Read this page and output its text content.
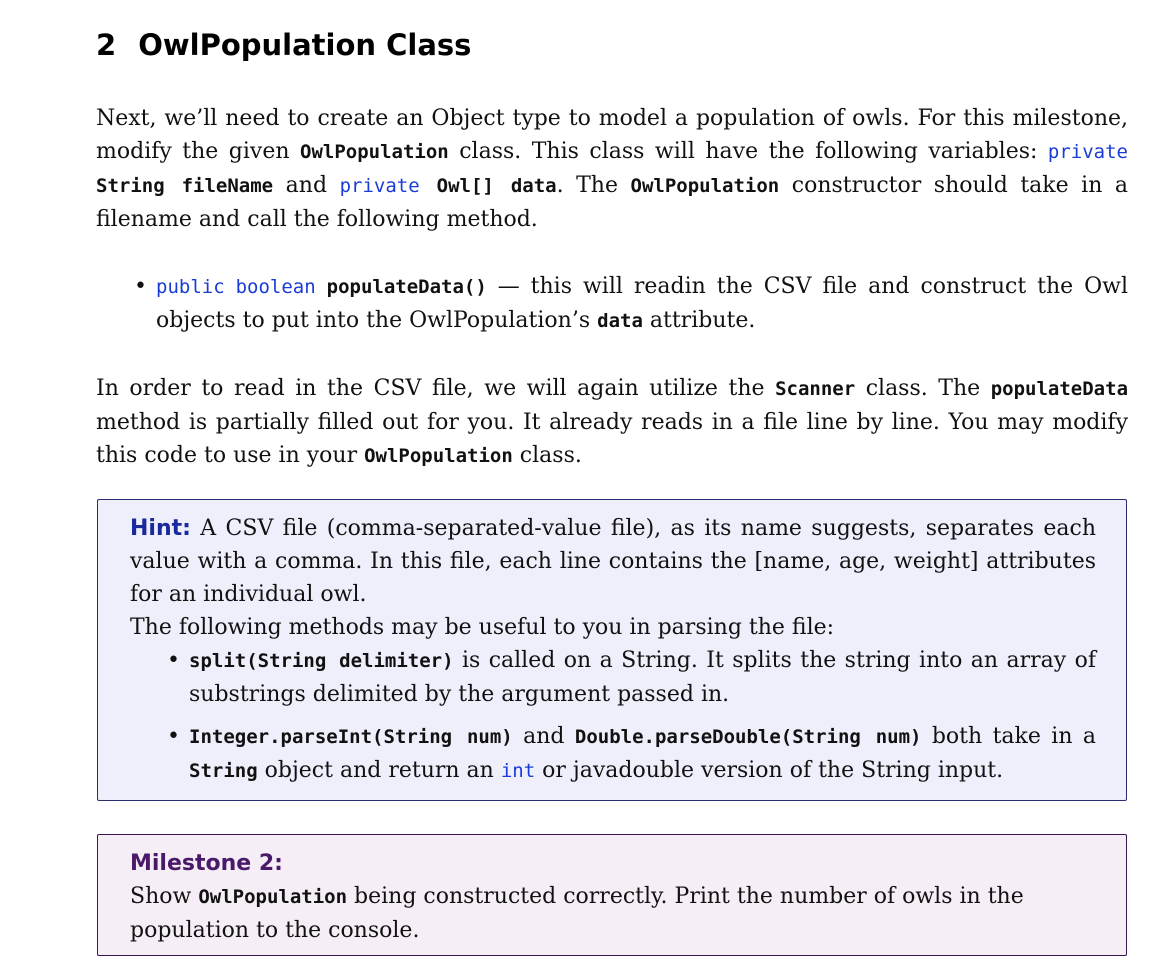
2 OwlPopulation Class

Next, we’ll need to create an Object type to model a population of owls. For this milestone, modify the given OwlPopulation class. This class will have the following variables: private String fileName and private Owl[] data. The OwlPopulation constructor should take in a filename and call the following method.

• public boolean populateData() — this will readin the CSV file and construct the Owl objects to put into the OwlPopulation’s data attribute.

In order to read in the CSV file, we will again utilize the Scanner class. The populateData method is partially filled out for you. It already reads in a file line by line. You may modify this code to use in your OwlPopulation class.

Hint: A CSV file (comma-separated-value file), as its name suggests, separates each value with a comma. In this file, each line contains the [name, age, weight] attributes for an individual owl.

The following methods may be useful to you in parsing the file:

• split(String delimiter) is called on a String. It splits the string into an array of substrings delimited by the argument passed in.
• Integer.parseInt(String num) and Double.parseDouble(String num) both take in a String object and return an int or javadouble version of the String input.

Milestone 2:

Show OwlPopulation being constructed correctly. Print the number of owls in the population to the console.
